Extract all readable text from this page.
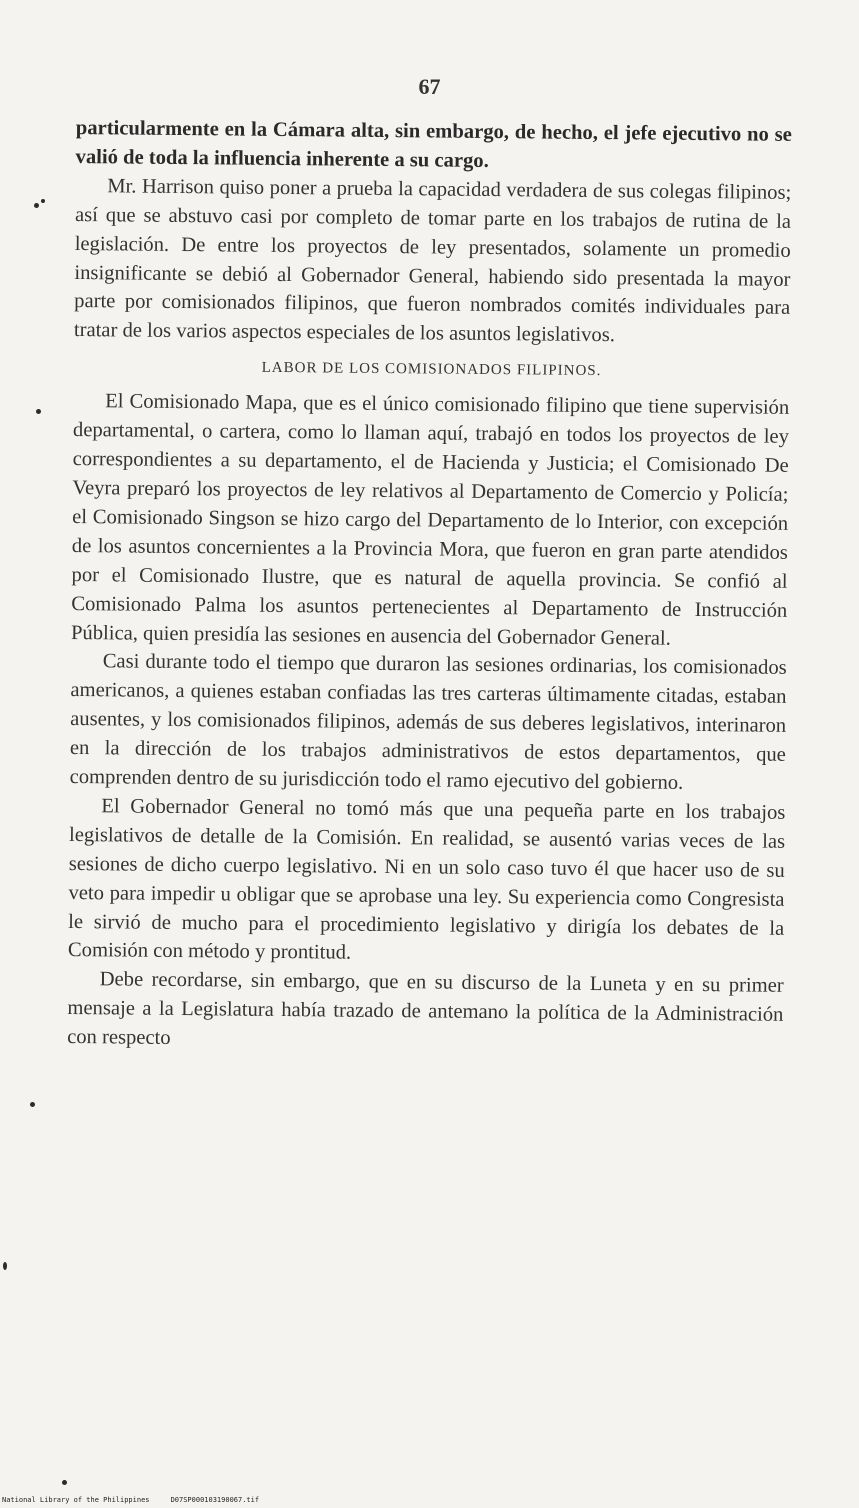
67

particularmente en la Cámara alta, sin embargo, de hecho, el jefe ejecutivo no se valió de toda la influencia inherente a su cargo.

Mr. Harrison quiso poner a prueba la capacidad verdadera de sus colegas filipinos; así que se abstuvo casi por completo de tomar parte en los trabajos de rutina de la legislación. De entre los proyectos de ley presentados, solamente un promedio insignificante se debió al Gobernador General, habiendo sido presentada la mayor parte por comisionados filipinos, que fueron nombrados comités individuales para tratar de los varios aspectos especiales de los asuntos legislativos.

LABOR DE LOS COMISIONADOS FILIPINOS.

El Comisionado Mapa, que es el único comisionado filipino que tiene supervisión departamental, o cartera, como lo llaman aquí, trabajó en todos los proyectos de ley correspondientes a su departamento, el de Hacienda y Justicia; el Comisionado De Veyra preparó los proyectos de ley relativos al Departamento de Comercio y Policía; el Comisionado Singson se hizo cargo del Departamento de lo Interior, con excepción de los asuntos concernientes a la Provincia Mora, que fueron en gran parte atendidos por el Comisionado Ilustre, que es natural de aquella provincia. Se confió al Comisionado Palma los asuntos pertenecientes al Departamento de Instrucción Pública, quien presidía las sesiones en ausencia del Gobernador General.

Casi durante todo el tiempo que duraron las sesiones ordinarias, los comisionados americanos, a quienes estaban confiadas las tres carteras últimamente citadas, estaban ausentes, y los comisionados filipinos, además de sus deberes legislativos, interinaron en la dirección de los trabajos administrativos de estos departamentos, que comprenden dentro de su jurisdicción todo el ramo ejecutivo del gobierno.

El Gobernador General no tomó más que una pequeña parte en los trabajos legislativos de detalle de la Comisión. En realidad, se ausentó varias veces de las sesiones de dicho cuerpo legislativo. Ni en un solo caso tuvo él que hacer uso de su veto para impedir u obligar que se aprobase una ley. Su experiencia como Congresista le sirvió de mucho para el procedimiento legislativo y dirigía los debates de la Comisión con método y prontitud.

Debe recordarse, sin embargo, que en su discurso de la Luneta y en su primer mensaje a la Legislatura había trazado de antemano la política de la Administración con respecto

National Library of the Philippines     D07SP000103190067.tif
